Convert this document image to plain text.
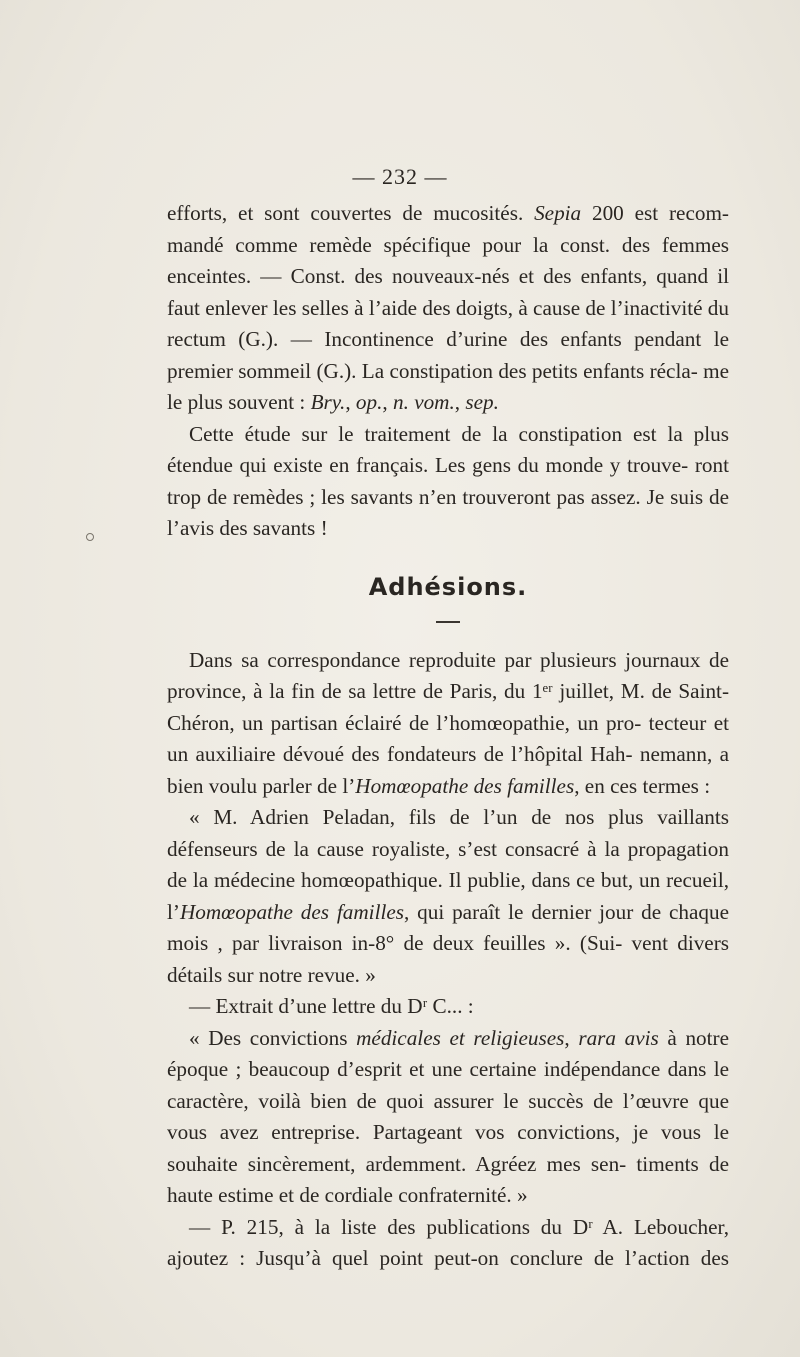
— 232 —

efforts, et sont couvertes de mucosités. Sepia 200 est recom- mandé comme remède spécifique pour la const. des femmes enceintes. — Const. des nouveaux-nés et des enfants, quand il faut enlever les selles à l’aide des doigts, à cause de l’inactivité du rectum (G.). — Incontinence d’urine des enfants pendant le premier sommeil (G.). La constipation des petits enfants récla- me le plus souvent : Bry., op., n. vom., sep.

Cette étude sur le traitement de la constipation est la plus étendue qui existe en français. Les gens du monde y trouve- ront trop de remèdes ; les savants n’en trouveront pas assez. Je suis de l’avis des savants !

Adhésions.

Dans sa correspondance reproduite par plusieurs journaux de province, à la fin de sa lettre de Paris, du 1ᵉʳ juillet, M. de Saint-Chéron, un partisan éclairé de l’homœopathie, un pro- tecteur et un auxiliaire dévoué des fondateurs de l’hôpital Hah- nemann, a bien voulu parler de l’Homœopathe des familles, en ces termes :

« M. Adrien Peladan, fils de l’un de nos plus vaillants défenseurs de la cause royaliste, s’est consacré à la propagation de la médecine homœopathique. Il publie, dans ce but, un recueil, l’Homœopathe des familles, qui paraît le dernier jour de chaque mois , par livraison in-8° de deux feuilles ». (Sui- vent divers détails sur notre revue. »

— Extrait d’une lettre du Dʳ C... :

« Des convictions médicales et religieuses, rara avis à notre époque ; beaucoup d’esprit et une certaine indépendance dans le caractère, voilà bien de quoi assurer le succès de l’œuvre que vous avez entreprise. Partageant vos convictions, je vous le souhaite sincèrement, ardemment. Agréez mes sen- timents de haute estime et de cordiale confraternité. »

— P. 215, à la liste des publications du Dʳ A. Leboucher, ajoutez : Jusqu’à quel point peut-on conclure de l’action des
